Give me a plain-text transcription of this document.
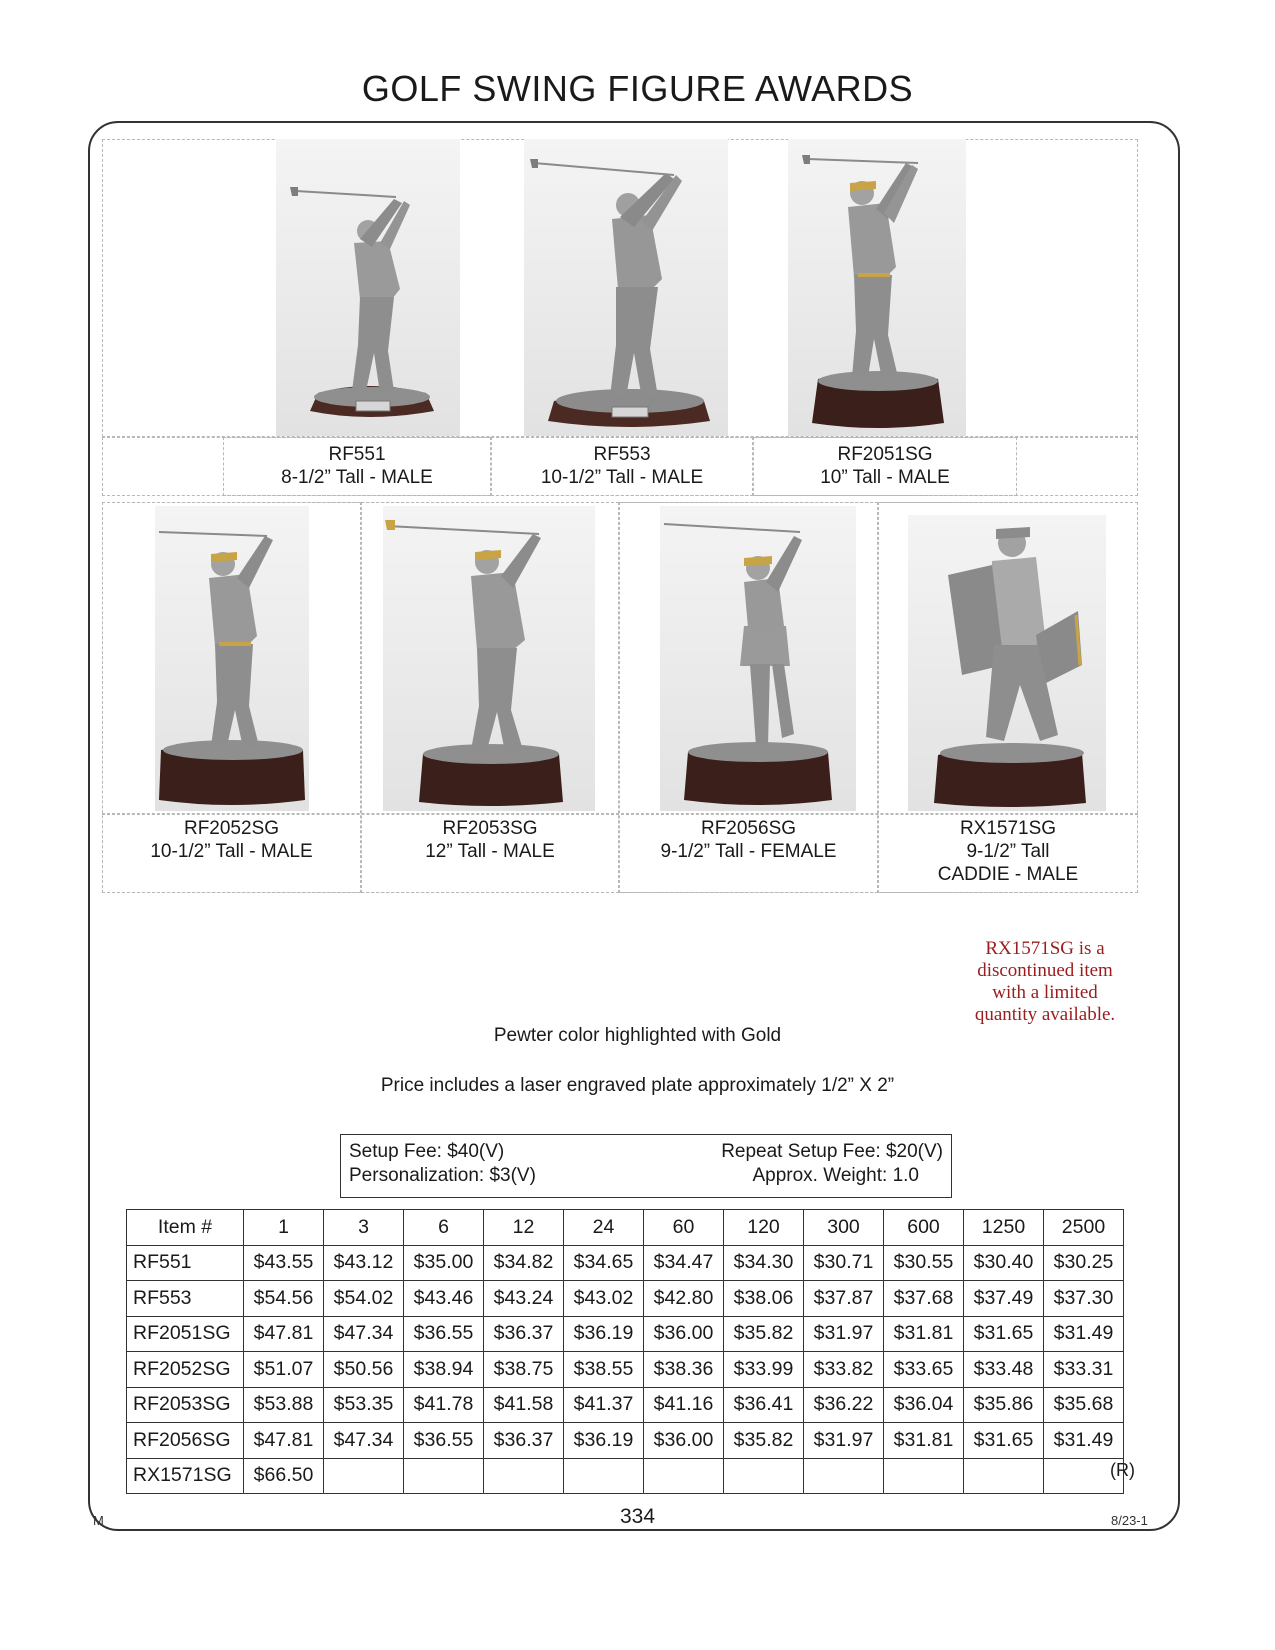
GOLF SWING FIGURE AWARDS
RF551
8-1/2” Tall - MALE
RF553
10-1/2” Tall - MALE
RF2051SG
10” Tall - MALE
RF2052SG
10-1/2” Tall - MALE
RF2053SG
12” Tall - MALE
RF2056SG
9-1/2” Tall - FEMALE
RX1571SG
9-1/2” Tall
CADDIE - MALE
RX1571SG is a
discontinued item
with a limited
quantity available.
Pewter color highlighted with Gold
Price includes a laser engraved plate approximately 1/2” X 2”
Setup Fee: $40(V)	Repeat Setup Fee: $20(V)
Personalization: $3(V)	Approx. Weight: 1.0
Item #	1	3	6	12	24	60	120	300	600	1250	2500
RF551	$43.55	$43.12	$35.00	$34.82	$34.65	$34.47	$34.30	$30.71	$30.55	$30.40	$30.25
RF553	$54.56	$54.02	$43.46	$43.24	$43.02	$42.80	$38.06	$37.87	$37.68	$37.49	$37.30
RF2051SG	$47.81	$47.34	$36.55	$36.37	$36.19	$36.00	$35.82	$31.97	$31.81	$31.65	$31.49
RF2052SG	$51.07	$50.56	$38.94	$38.75	$38.55	$38.36	$33.99	$33.82	$33.65	$33.48	$33.31
RF2053SG	$53.88	$53.35	$41.78	$41.58	$41.37	$41.16	$36.41	$36.22	$36.04	$35.86	$35.68
RF2056SG	$47.81	$47.34	$36.55	$36.37	$36.19	$36.00	$35.82	$31.97	$31.81	$31.65	$31.49
RX1571SG	$66.50											(R)
M	334	8/23-1
